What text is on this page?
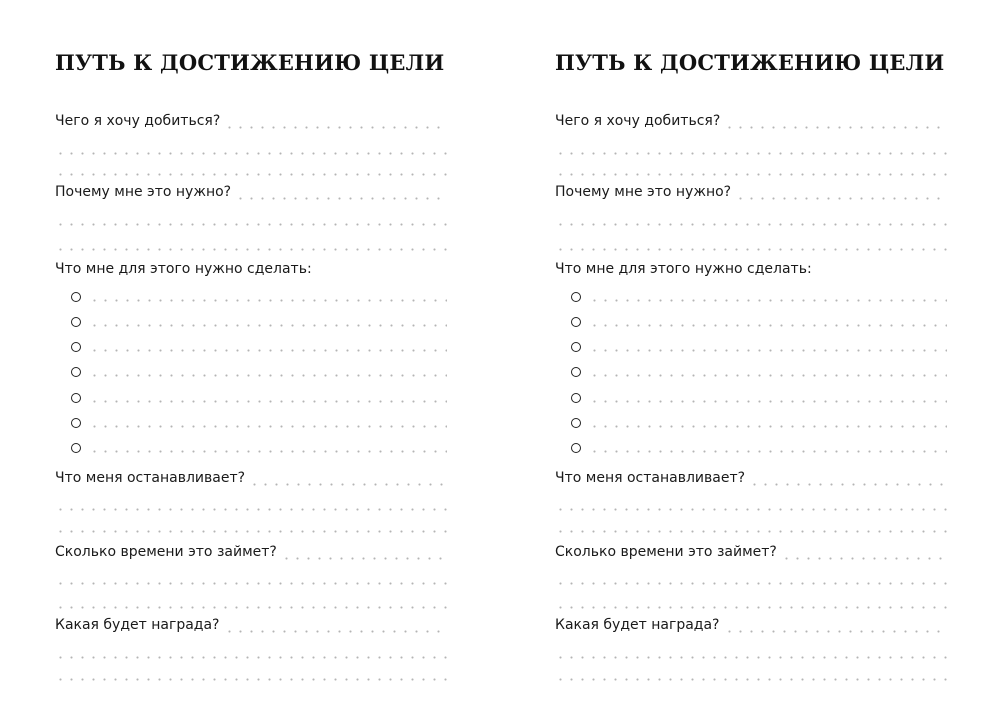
ПУТЬ К ДОСТИЖЕНИЮ ЦЕЛИ
Чего я хочу добиться?
Почему мне это нужно?
Что мне для этого нужно сделать:
Что меня останавливает?
Сколько времени это займет?
Какая будет награда?
ПУТЬ К ДОСТИЖЕНИЮ ЦЕЛИ
Чего я хочу добиться?
Почему мне это нужно?
Что мне для этого нужно сделать:
Что меня останавливает?
Сколько времени это займет?
Какая будет награда?
